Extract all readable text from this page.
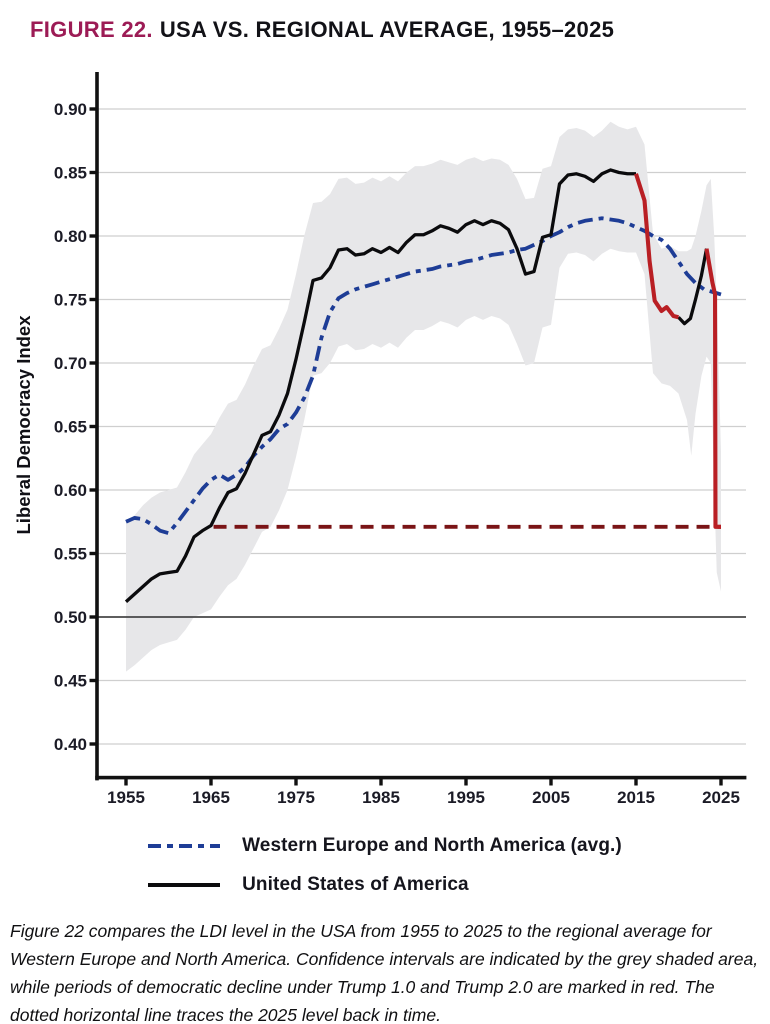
FIGURE 22. USA VS. REGIONAL AVERAGE, 1955–2025
Liberal Democracy Index
0.40
0.45
0.50
0.55
0.60
0.65
0.70
0.75
0.80
0.85
0.90
1955	1965	1975	1985	1995	2005	2015	2025
Western Europe and North America (avg.)
United States of America
Figure 22 compares the LDI level in the USA from 1955 to 2025 to the regional average for Western Europe and North America. Confidence intervals are indicated by the grey shaded area, while periods of democratic decline under Trump 1.0 and Trump 2.0 are marked in red. The dotted horizontal line traces the 2025 level back in time.
